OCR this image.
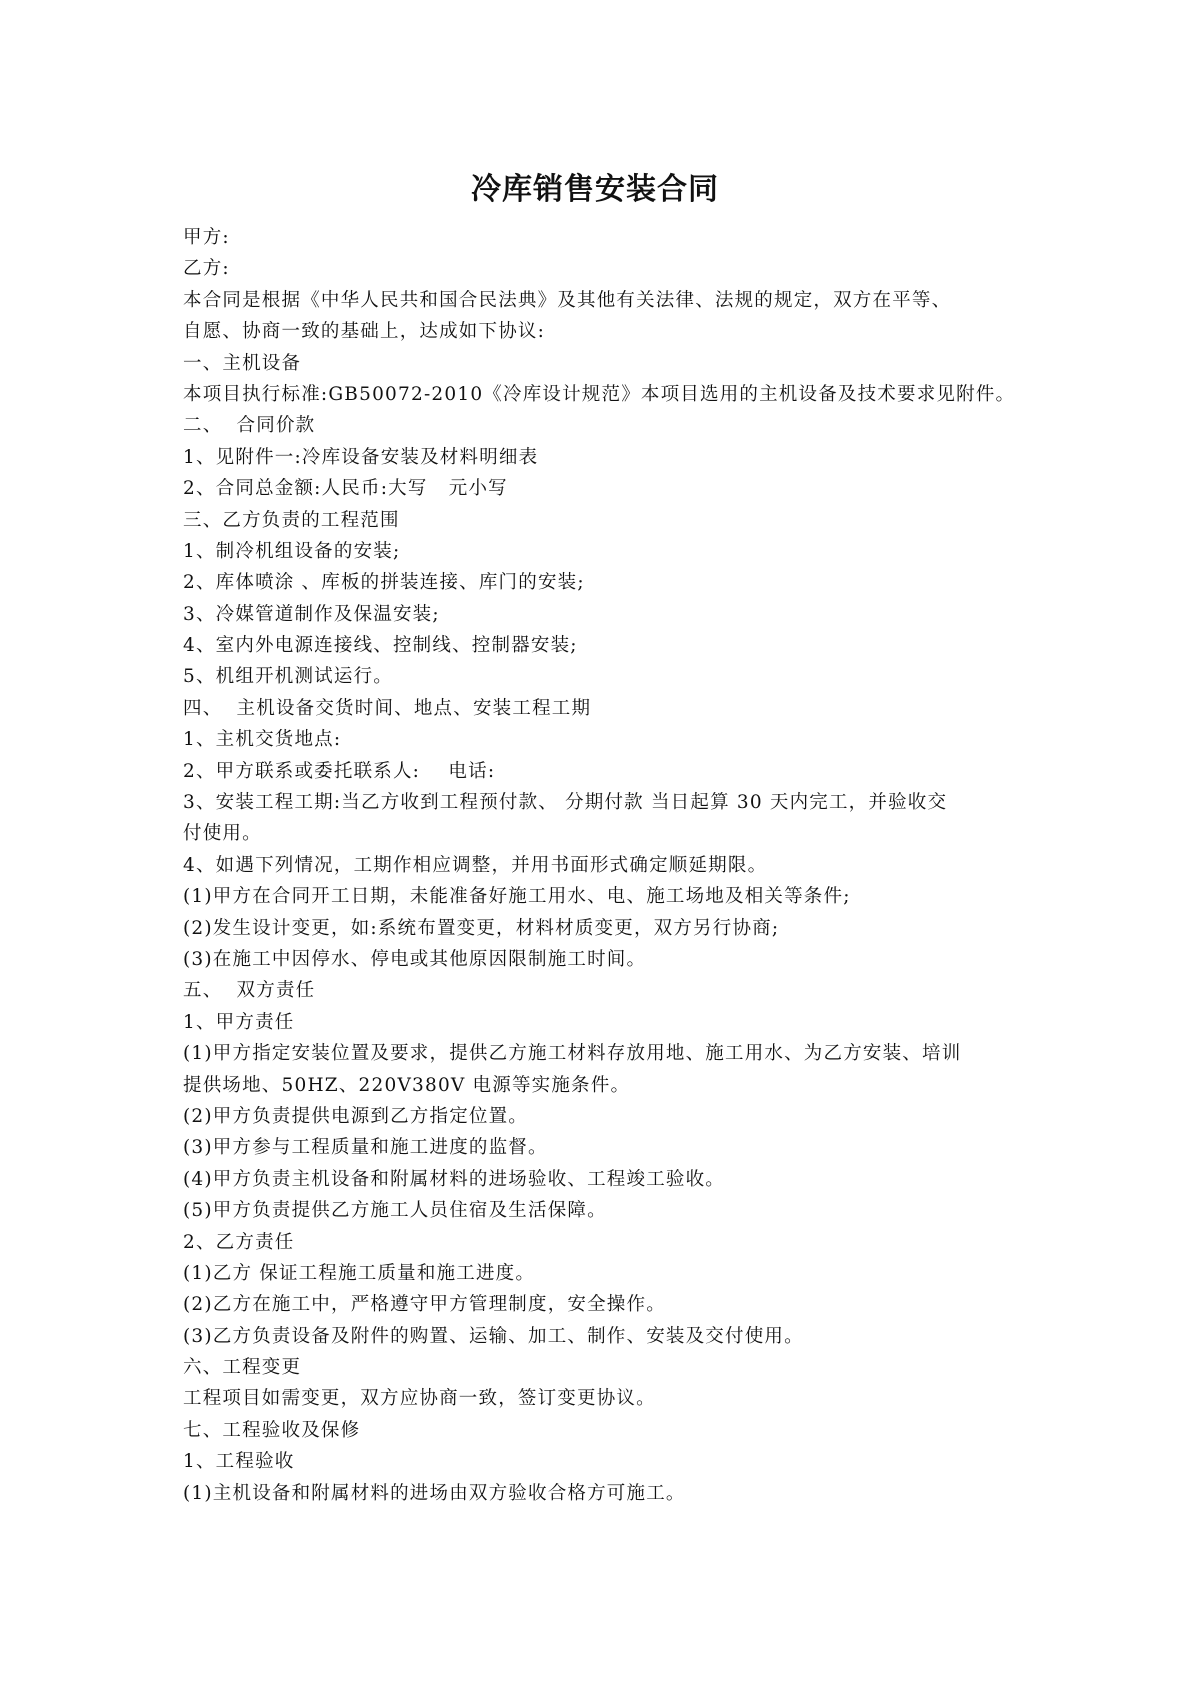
冷库销售安装合同
甲方:
乙方:
本合同是根据《中华人民共和国合民法典》及其他有关法律、法规的规定，双方在平等、
自愿、协商一致的基础上，达成如下协议:
一、主机设备
本项目执行标准:GB50072-2010《冷库设计规范》本项目选用的主机设备及技术要求见附件。
二、  合同价款
1、见附件一:冷库设备安装及材料明细表
2、合同总金额:人民币:大写   元小写
三、乙方负责的工程范围
1、制冷机组设备的安装;
2、库体喷涂 、库板的拼装连接、库门的安装;
3、冷媒管道制作及保温安装;
4、室内外电源连接线、控制线、控制器安装;
5、机组开机测试运行。
四、  主机设备交货时间、地点、安装工程工期
1、主机交货地点:
2、甲方联系或委托联系人:    电话:
3、安装工程工期:当乙方收到工程预付款、 分期付款 当日起算 30 天内完工，并验收交
付使用。
4、如遇下列情况，工期作相应调整，并用书面形式确定顺延期限。
(1)甲方在合同开工日期，未能准备好施工用水、电、施工场地及相关等条件;
(2)发生设计变更，如:系统布置变更，材料材质变更，双方另行协商;
(3)在施工中因停水、停电或其他原因限制施工时间。
五、  双方责任
1、甲方责任
(1)甲方指定安装位置及要求，提供乙方施工材料存放用地、施工用水、为乙方安装、培训
提供场地、50HZ、220V380V 电源等实施条件。
(2)甲方负责提供电源到乙方指定位置。
(3)甲方参与工程质量和施工进度的监督。
(4)甲方负责主机设备和附属材料的进场验收、工程竣工验收。
(5)甲方负责提供乙方施工人员住宿及生活保障。
2、乙方责任
(1)乙方 保证工程施工质量和施工进度。
(2)乙方在施工中，严格遵守甲方管理制度，安全操作。
(3)乙方负责设备及附件的购置、运输、加工、制作、安装及交付使用。
六、工程变更
工程项目如需变更，双方应协商一致，签订变更协议。
七、工程验收及保修
1、工程验收
(1)主机设备和附属材料的进场由双方验收合格方可施工。
